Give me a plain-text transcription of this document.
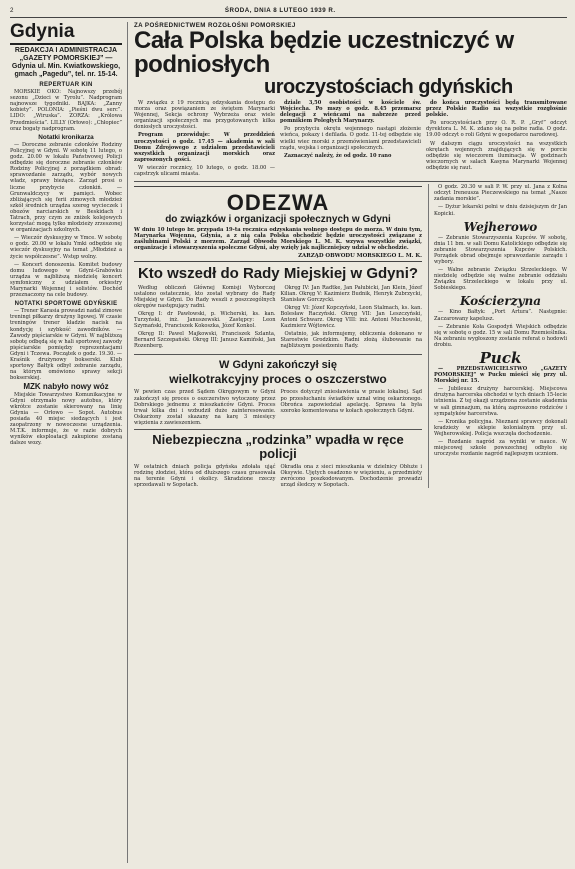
2	ŚRODA, DNIA 8 LUTEGO 1939 R.
Gdynia
REDAKCJA I ADMINISTRACJA „GAZETY POMORSKIEJ” — Gdynia ul. Min. Kwiatkowskiego, gmach „Pagedu”, tel. nr. 15-14.
REPERTUAR KIN
MORSKIE OKO: Najnowszy przebój sezonu „Dzieci w Tyrolu”. Nadprogram najnowsze tygodniki. BAJKA: „Zanny kobiety”. POLONIA: „Pieśni dwu serc”. LIDO: „Wiruska”. ZORZA: „Królowa Przedmieścia”. LILLY (Orłowo): „Chłopiec” oraz bogaty nadprogram.
Notatki kronikarza
— Doroczne zebranie członków Rodziny Policyjnej w Gdyni. W sobotę 11 lutego, o godz. 20.00 w lokalu Państwowej Policji odbędzie się doroczne zebranie członków Rodziny Policyjnej z porządkiem obrad: sprawozdanie zarządu, wybór nowych władz, sprawy bieżące. Zarząd prosi o liczne przybycie członkiń. — Grunwaldczycy w pamięci. Wobec zbliżających się ferii zimowych młodzież szkół średnich urządza szereg wycieczek i obozów narciarskich w Beskidach i Tatrach, przy czym ze zniżek kolejowych korzystać mogą tylko młodzieży zrzeszonej w organizacjach szkolnych.
— Wieczór dyskusyjny w Ymce. W sobotę o godz. 20.00 w lokalu Ymki odbędzie się wieczór dyskusyjny na temat „Młodzież a życie współczesne”. Wstęp wolny.
— Koncert donoszenia. Komitet budowy domu ludowego w Gdyni-Grabówku urządza w najbliższą niedzielę koncert symfoniczny z udziałem orkiestry Marynarki Wojennej i solistów. Dochód przeznaczony na cele budowy.
NOTATKI SPORTOWE GDYŃSKIE
— Trener Karasia prowadzi nadal zimowe treningi piłkarzy drużyny ligowej. W czasie treningów trener kładzie nacisk na kondycję i szybkość zawodników. — Zawody pięściarskie w Gdyni. W najbliższą sobotę odbędą się w hali sportowej zawody pięściarskie pomiędzy reprezentacjami Gdyni i Tczewa. Początek o godz. 19.30. — Kraśnik drużynowy bokserski. Klub sportowy Bałtyk odbył zebranie zarządu, na którym omówiono sprawy sekcji bokserskiej.
MZK nabyło nowy wóz
Miejskie Towarzystwo Komunikacyjne w Gdyni otrzymało nowy autobus, który wkrótce zostanie skierowany na linię Gdynia — Orłowo — Sopot. Autobus posiada 40 miejsc siedzących i jest zaopatrzony w nowoczesne urządzenia. M.T.K. informuje, że w razie dobrych wyników eksploatacji zakupione zostaną dalsze wozy.
ZA POŚREDNICTWEM ROZGŁOŚNI POMORSKIEJ
Cała Polska będzie uczestniczyć w podniosłych
uroczystościach gdyńskich

W związku z 19 rocznicą odzyskania dostępu do morza oraz powiązaniem ze świętem Marynarki Wojennej, Sekcja ochrony Wybrzeża oraz wiele organizacji społecznych ma przygotowanych kilka doniosłych uroczystości.

Program przewiduje: W przeddzień uroczystości o godz. 17.45 — akademia w sali Domu Zdrojowego z udziałem przedstawicieli wszystkich organizacji morskich oraz zaproszonych gości.

W wieczór rocznicy, 10 lutego, o godz. 18.00 — capstrzyk ulicami miasta.

dziale 3,50 osobistości w kościele św. Wojciecha. Po mszy o godz. 8.45 przemarsz delegacji z wieńcami na nabrzeże przed pomnikiem Poległych Marynarzy.

Po przybyciu okrętu wojennego nastąpi złożenie wieńca, pokazy i defilada. O godz. 11-tej odbędzie się wielki wiec morski z przemówieniami przedstawicieli rządu, wojska i organizacji społecznych.

Zaznaczyć należy, że od godz. 10 rano

do końca uroczystości będą transmitowane przez Polskie Radio na wszystkie rozgłośnie polskie.

Po uroczystościach przy O. R. P. „Gryf” odczyt dyrektora L. M. K. zdano się na pełne radia. O godz. 19.00 odczyt o roli Gdyni w gospodarce narodowej.

W dalszym ciągu uroczystości na wszystkich okrętach wojennych znajdujących się w porcie odbędzie się wieczorem iluminacja. W godzinach wieczornych w salach Kasyna Marynarki Wojennej odbędzie się raut.

ODEZWA
do związków i organizacji społecznych w Gdyni
W dniu 10 lutego br. przypada 19-ta rocznica odzyskania wolnego dostępu do morza. W dniu tym, Marynarka Wojenna, Gdynia, a z nią cała Polska obchodzić będzie uroczystości związane z zaślubinami Polski z morzem. Zarząd Obwodu Morskiego L. M. K. wzywa wszystkie związki, organizacje i stowarzyszenia społeczne Gdyni, aby wzięły jak najliczniejszy udział w obchodzie.
ZARZĄD OBWODU MORSKIEGO L. M. K.
Kto wszedł do Rady Miejskiej w Gdyni?

Według obliczeń Głównej Komisji Wyborczej ustalono ostatecznie, kto został wybrany do Rady Miejskiej w Gdyni. Do Rady weszli z poszczególnych okręgów następujący radni.

Okręg I: dr Pawłowski, p. Wicherski, ks. kan. Turzyński, inż. Januszewski. Zastępcy: Leon Szymański, Franciszek Kokoszka, Józef Konkol.

Okręg II: Pawel Majkowski, Franciszek Szlanta, Bernard Szczepański. Okręg III: Janusz Kamiński, Jan Rozenberg.

Okręg IV: Jan Radtke, Jan Pałubicki, Jan Klein, Józef Kilian. Okręg V: Kazimierz Budnik, Henryk Zubrzycki, Stanisław Gorczycki.

Okręg VI: Józef Kopczyński, Leon Stalmach, ks. kan. Bolesław Raczyński. Okręg VII: Jan Leszczyński, Antoni Schwarz. Okręg VIII: inż. Antoni Muchowski, Kazimierz Wójtowicz.

Ostatnio, jak informujemy, obliczenia dokonano w Starostwie Grodzkim. Radni złożą ślubowanie na najbliższym posiedzeniu Rady.

W Gdyni zakończył się
wielkotrakcyjny proces o oszczerstwo
W pewien czas przed Sądem Okręgowym w Gdyni zakończył się proces o oszczerstwo wytoczony przez Dobrskiego jednemu z mieszkańców Gdyni. Proces trwał kilka dni i wzbudził duże zainteresowanie. Oskarżony został skazany na karę 3 miesięcy więzienia z zawieszeniem.
Proces dotyczył zniesławienia w prasie lokalnej. Sąd po przesłuchaniu świadków uznał winę oskarżonego. Obrońca zapowiedział apelację. Sprawa ta była szeroko komentowana w kołach społecznych Gdyni.
Niebezpieczna „rodzinka” wpadła w ręce policji
W ostatnich dniach policja gdyńska zdołała ująć rodzinę złodziei, która od dłuższego czasu grasowała na terenie Gdyni i okolicy. Skradzione rzeczy sprzedawali w Sopotach.
Okradła ona z sieci mieszkania w dzielnicy Obłuże i Oksywie. Ujętych osadzono w więzieniu, a przedmioty zwrócono poszkodowanym. Dochodzenie prowadzi urząd śledczy w Sopotach.

O godz. 20.30 w sali P. W. przy ul. Jana z Kolna odczyt Ireneusza Pieczewskiego na temat „Nasze zadania morskie”.

— Dyżur lekarski pełni w dniu dzisiejszym dr Jan Kopicki.

Wejherowo

— Zebranie Stowarzyszenia Kupców. W sobotę, dnia 11 bm. w sali Domu Katolickiego odbędzie się zebranie Stowarzyszenia Kupców Polskich. Porządek obrad obejmuje sprawozdanie zarządu i wybory.

— Walne zebranie Związku Strzeleckiego. W niedzielę odbędzie się walne zebranie oddziału Związku Strzeleckiego w lokalu przy ul. Sobieskiego.

Kościerzyna

— Kino Bałtyk: „Port Artura”. Następnie: Zaczarowany kapelusz.

— Zebranie Koła Gospodyń Wiejskich odbędzie się w sobotę o godz. 15 w sali Domu Rzemieślnika. Na zebraniu wygłoszony zostanie referat o hodowli drobiu.

Puck

— PRZEDSTAWICIELSTWO „GAZETY POMORSKIEJ” w Pucku mieści się przy ul. Morskiej nr. 15.

— Jubileusz drużyny harcerskiej. Miejscowa drużyna harcerska obchodzi w tych dniach 15-lecie istnienia. Z tej okazji urządzona zostanie akademia w sali gimnazjum, na którą zaproszono rodziców i sympatyków harcerstwa.

— Kronika policyjna. Nieznani sprawcy dokonali kradzieży w sklepie kolonialnym przy ul. Wejherowskiej. Policja wszczęła dochodzenie.

— Rozdanie nagród za wyniki w nauce. W miejscowej szkole powszechnej odbyło się uroczyste rozdanie nagród najlepszym uczniom.
